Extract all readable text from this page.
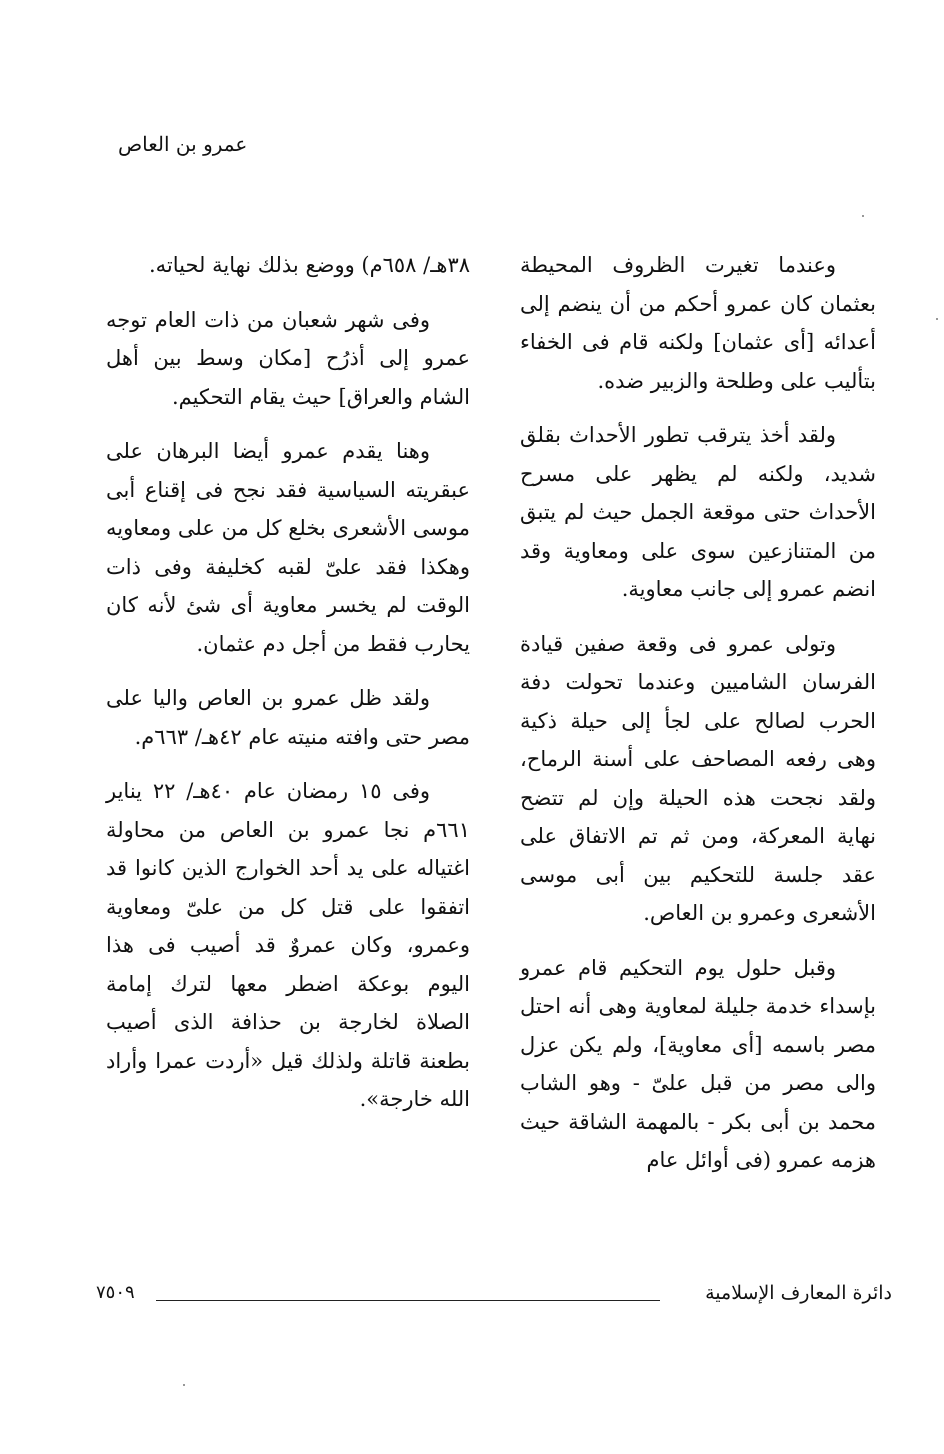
عمرو بن العاص

وعندما تغيرت الظروف المحيطة بعثمان كان عمرو أحكم من أن ينضم إلى أعدائه [أى عثمان] ولكنه قام فى الخفاء بتأليب على وطلحة والزبير ضده.

ولقد أخذ يترقب تطور الأحداث بقلق شديد، ولكنه لم يظهر على مسرح الأحداث حتى موقعة الجمل حيث لم يتبق من المتنازعين سوى على ومعاوية وقد انضم عمرو إلى جانب معاوية.

وتولى عمرو فى وقعة صفين قيادة الفرسان الشاميين وعندما تحولت دفة الحرب لصالح على لجأ إلى حيلة ذكية وهى رفعه المصاحف على أسنة الرماح، ولقد نجحت هذه الحيلة وإن لم تتضح نهاية المعركة، ومن ثم تم الاتفاق على عقد جلسة للتحكيم بين أبى موسى الأشعرى وعمرو بن العاص.

وقبل حلول يوم التحكيم قام عمرو بإسداء خدمة جليلة لمعاوية وهى أنه احتل مصر باسمه [أى معاوية]، ولم يكن عزل والى مصر من قبل علىّ - وهو الشاب محمد بن أبى بكر - بالمهمة الشاقة حيث هزمه عمرو (فى أوائل عام

٣٨هـ/ ٦٥٨م) ووضع بذلك نهاية لحياته.

وفى شهر شعبان من ذات العام توجه عمرو إلى أذرُح [مكان وسط بين أهل الشام والعراق] حيث يقام التحكيم.

وهنا يقدم عمرو أيضا البرهان على عبقريته السياسية فقد نجح فى إقناع أبى موسى الأشعرى بخلع كل من على ومعاويه وهكذا فقد علىّ لقبه كخليفة وفى ذات الوقت لم يخسر معاوية أى شئ لأنه كان يحارب فقط من أجل دم عثمان.

ولقد ظل عمرو بن العاص واليا على مصر حتى وافته منيته عام ٤٢هـ/ ٦٦٣م.

وفى ١٥ رمضان عام ٤٠هـ/ ٢٢ يناير ٦٦١م نجا عمرو بن العاص من محاولة اغتياله على يد أحد الخوارج الذين كانوا قد اتفقوا على قتل كل من علىّ ومعاوية وعمرو، وكان عمروٌ قد أصيب فى هذا اليوم بوعكة اضطر معها لترك إمامة الصلاة لخارجة بن حذافة الذى أصيب بطعنة قاتلة ولذلك قيل «أردت عمرا وأراد الله خارجة».

دائرة المعارف الإسلامية
٧٥٠٩
